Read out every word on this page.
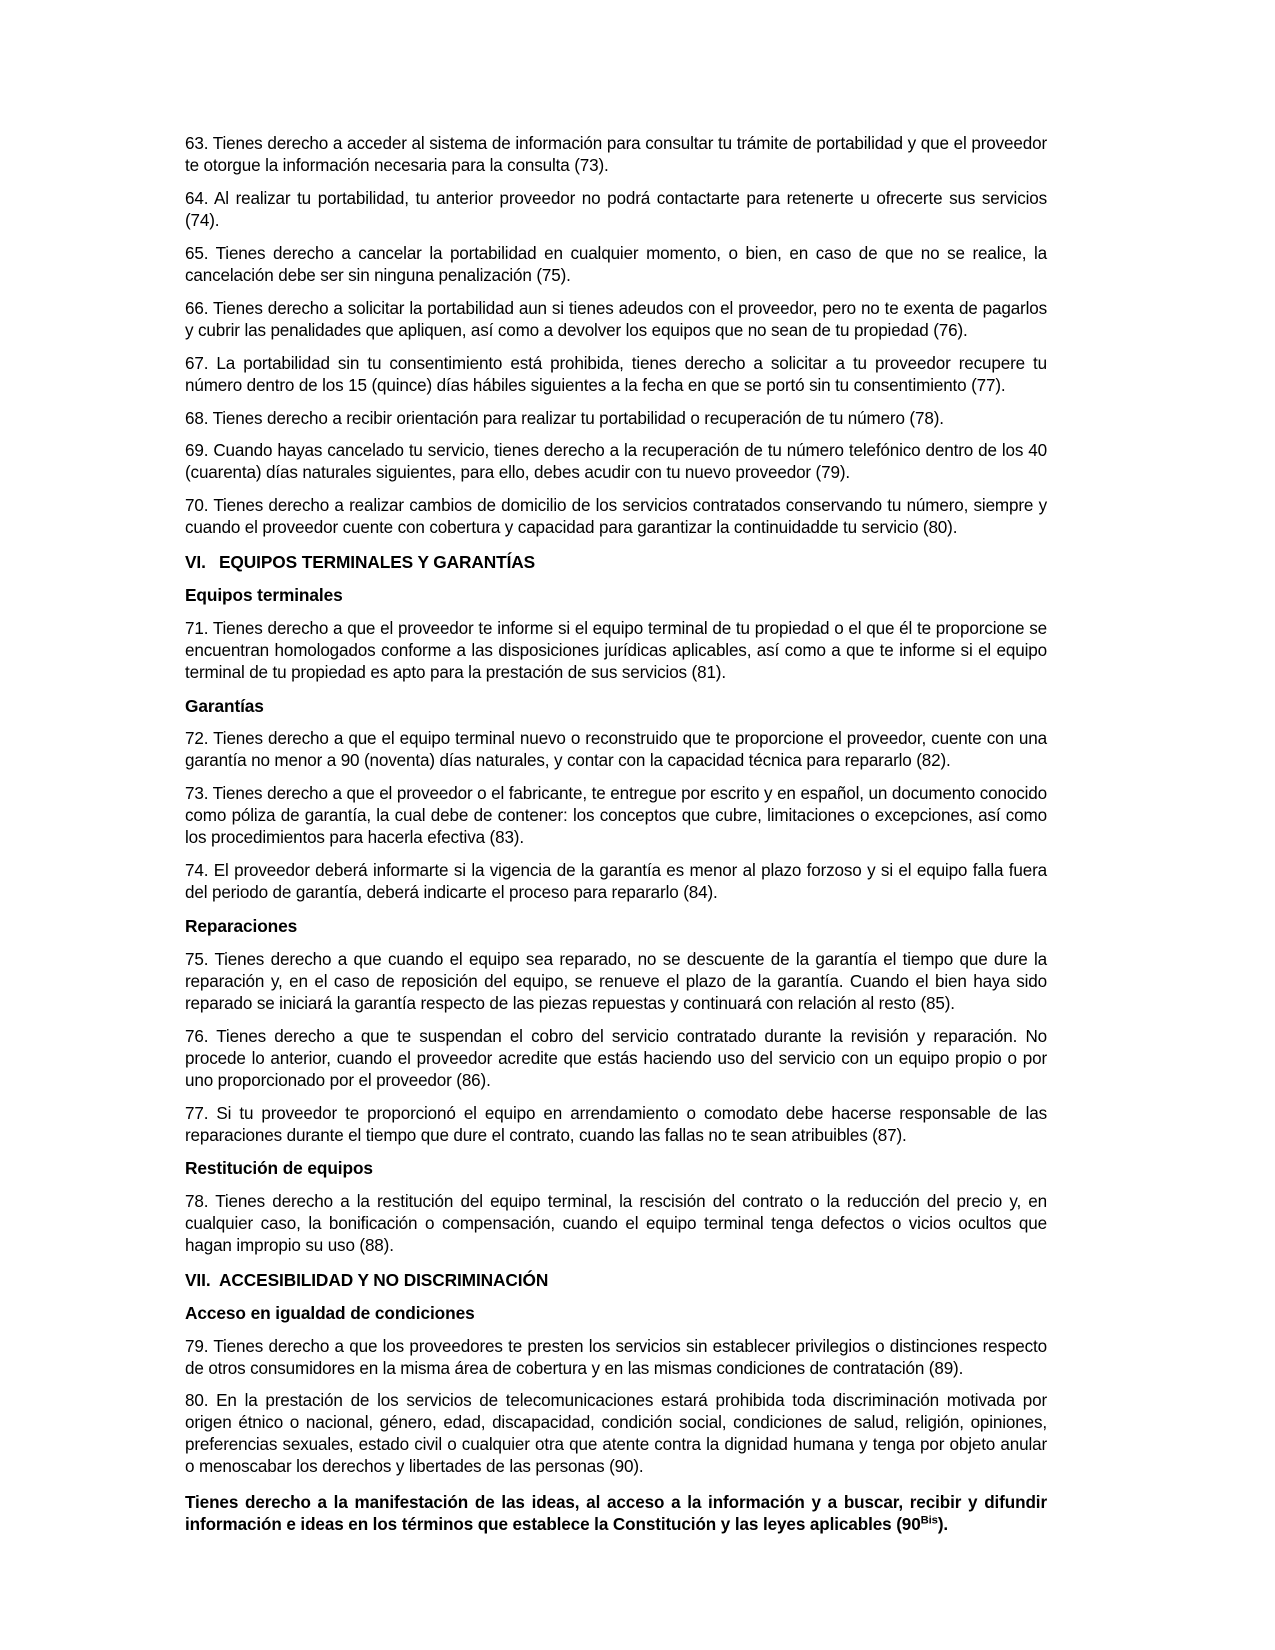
63. Tienes derecho a acceder al sistema de información para consultar tu trámite de portabilidad y que el proveedor te otorgue la información necesaria para la consulta (73).

64. Al realizar tu portabilidad, tu anterior proveedor no podrá contactarte para retenerte u ofrecerte sus servicios (74).

65. Tienes derecho a cancelar la portabilidad en cualquier momento, o bien, en caso de que no se realice, la cancelación debe ser sin ninguna penalización (75).

66. Tienes derecho a solicitar la portabilidad aun si tienes adeudos con el proveedor, pero no te exenta de pagarlos y cubrir las penalidades que apliquen, así como a devolver los equipos que no sean de tu propiedad (76).

67. La portabilidad sin tu consentimiento está prohibida, tienes derecho a solicitar a tu proveedor recupere tu número dentro de los 15 (quince) días hábiles siguientes a la fecha en que se portó sin tu consentimiento (77).

68. Tienes derecho a recibir orientación para realizar tu portabilidad o recuperación de tu número (78).

69. Cuando hayas cancelado tu servicio, tienes derecho a la recuperación de tu número telefónico dentro de los 40 (cuarenta) días naturales siguientes, para ello, debes acudir con tu nuevo proveedor (79).

70. Tienes derecho a realizar cambios de domicilio de los servicios contratados conservando tu número, siempre y cuando el proveedor cuente con cobertura y capacidad para garantizar la continuidadde tu servicio (80).

VI. EQUIPOS TERMINALES Y GARANTÍAS
Equipos terminales

71. Tienes derecho a que el proveedor te informe si el equipo terminal de tu propiedad o el que él te proporcione se encuentran homologados conforme a las disposiciones jurídicas aplicables, así como a que te informe si el equipo terminal de tu propiedad es apto para la prestación de sus servicios (81).

Garantías

72. Tienes derecho a que el equipo terminal nuevo o reconstruido que te proporcione el proveedor, cuente con una garantía no menor a 90 (noventa) días naturales, y contar con la capacidad técnica para repararlo (82).

73. Tienes derecho a que el proveedor o el fabricante, te entregue por escrito y en español, un documento conocido como póliza de garantía, la cual debe de contener: los conceptos que cubre, limitaciones o excepciones, así como los procedimientos para hacerla efectiva (83).

74. El proveedor deberá informarte si la vigencia de la garantía es menor al plazo forzoso y si el equipo falla fuera del periodo de garantía, deberá indicarte el proceso para repararlo (84).

Reparaciones

75. Tienes derecho a que cuando el equipo sea reparado, no se descuente de la garantía el tiempo que dure la reparación y, en el caso de reposición del equipo, se renueve el plazo de la garantía. Cuando el bien haya sido reparado se iniciará la garantía respecto de las piezas repuestas y continuará con relación al resto (85).

76. Tienes derecho a que te suspendan el cobro del servicio contratado durante la revisión y reparación. No procede lo anterior, cuando el proveedor acredite que estás haciendo uso del servicio con un equipo propio o por uno proporcionado por el proveedor (86).

77. Si tu proveedor te proporcionó el equipo en arrendamiento o comodato debe hacerse responsable de las reparaciones durante el tiempo que dure el contrato, cuando las fallas no te sean atribuibles (87).

Restitución de equipos

78. Tienes derecho a la restitución del equipo terminal, la rescisión del contrato o la reducción del precio y, en cualquier caso, la bonificación o compensación, cuando el equipo terminal tenga defectos o vicios ocultos que hagan impropio su uso (88).

VII. ACCESIBILIDAD Y NO DISCRIMINACIÓN
Acceso en igualdad de condiciones

79. Tienes derecho a que los proveedores te presten los servicios sin establecer privilegios o distinciones respecto de otros consumidores en la misma área de cobertura y en las mismas condiciones de contratación (89).

80. En la prestación de los servicios de telecomunicaciones estará prohibida toda discriminación motivada por origen étnico o nacional, género, edad, discapacidad, condición social, condiciones de salud, religión, opiniones, preferencias sexuales, estado civil o cualquier otra que atente contra la dignidad humana y tenga por objeto anular o menoscabar los derechos y libertades de las personas (90).

Tienes derecho a la manifestación de las ideas, al acceso a la información y a buscar, recibir y difundir información e ideas en los términos que establece la Constitución y las leyes aplicables $(90^{Bis})$.
